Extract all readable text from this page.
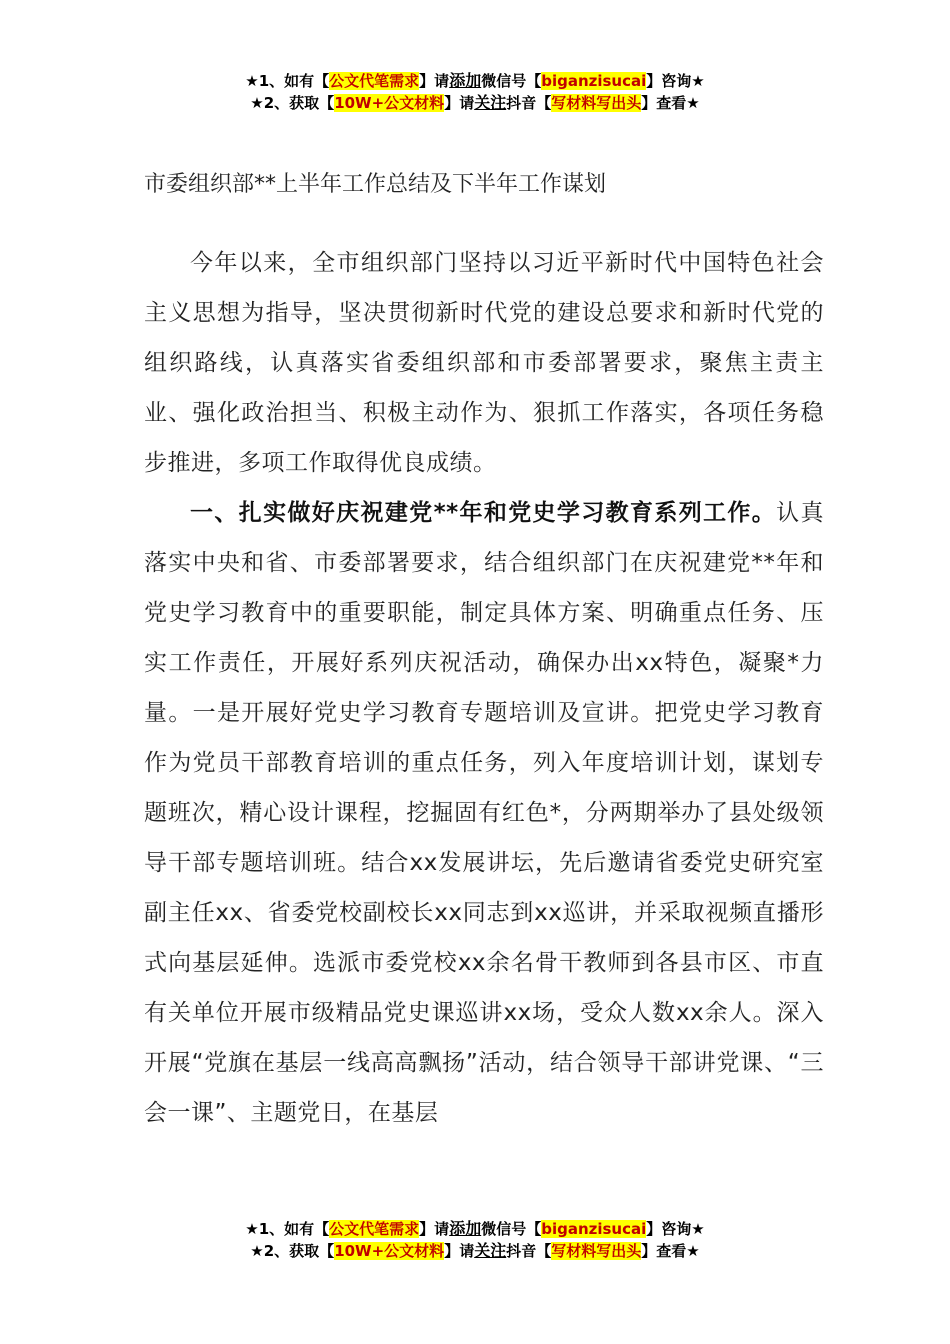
★1、如有【公文代笔需求】请添加微信号【biganzisucai】咨询★
★2、获取【10W+公文材料】请关注抖音【写材料写出头】查看★
市委组织部**上半年工作总结及下半年工作谋划

今年以来，全市组织部门坚持以习近平新时代中国特色社会主义思想为指导，坚决贯彻新时代党的建设总要求和新时代党的组织路线，认真落实省委组织部和市委部署要求，聚焦主责主业、强化政治担当、积极主动作为、狠抓工作落实，各项任务稳步推进，多项工作取得优良成绩。

一、扎实做好庆祝建党**年和党史学习教育系列工作。认真落实中央和省、市委部署要求，结合组织部门在庆祝建党**年和党史学习教育中的重要职能，制定具体方案、明确重点任务、压实工作责任，开展好系列庆祝活动，确保办出xx特色，凝聚*力量。一是开展好党史学习教育专题培训及宣讲。把党史学习教育作为党员干部教育培训的重点任务，列入年度培训计划，谋划专题班次，精心设计课程，挖掘固有红色*，分两期举办了县处级领导干部专题培训班。结合xx发展讲坛，先后邀请省委党史研究室副主任xx、省委党校副校长xx同志到xx巡讲，并采取视频直播形式向基层延伸。选派市委党校xx余名骨干教师到各县市区、市直有关单位开展市级精品党史课巡讲xx场，受众人数xx余人。深入开展“党旗在基层一线高高飘扬”活动，结合领导干部讲党课、“三会一课”、主题党日，在基层

★1、如有【公文代笔需求】请添加微信号【biganzisucai】咨询★
★2、获取【10W+公文材料】请关注抖音【写材料写出头】查看★
